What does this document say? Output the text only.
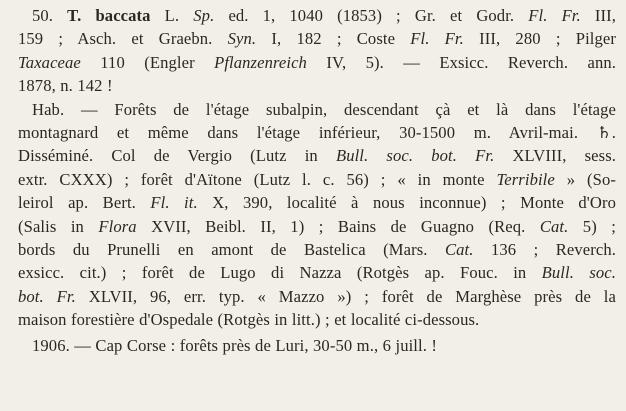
50. T. baccata L. Sp. ed. 1, 1040 (1853) ; Gr. et Godr. Fl. Fr. III,
159 ; Asch. et Graebn. Syn. I, 182 ; Coste Fl. Fr. III, 280 ; Pilger
Taxaceae 110 (Engler Pflanzenreich IV, 5). — Exsicc. Reverch. ann.
1878, n. 142 !
Hab. — Forêts de l'étage subalpin, descendant çà et là dans l'étage
montagnard et même dans l'étage inférieur, 30-1500 m. Avril-mai. ♄.
Disséminé. Col de Vergio (Lutz in Bull. soc. bot. Fr. XLVIII, sess.
extr. CXXX) ; forêt d'Aïtone (Lutz l. c. 56) ; « in monte Terribile » (So-
leirol ap. Bert. Fl. it. X, 390, localité à nous inconnue) ; Monte d'Oro
(Salis in Flora XVII, Beibl. II, 1) ; Bains de Guagno (Req. Cat. 5) ;
bords du Prunelli en amont de Bastelica (Mars. Cat. 136 ; Reverch.
exsicc. cit.) ; forêt de Lugo di Nazza (Rotgès ap. Fouc. in Bull. soc.
bot. Fr. XLVII, 96, err. typ. « Mazzo ») ; forêt de Marghèse près de la
maison forestière d'Ospedale (Rotgès in litt.) ; et localité ci-dessous.
1906. — Cap Corse : forêts près de Luri, 30-50 m., 6 juill. !
